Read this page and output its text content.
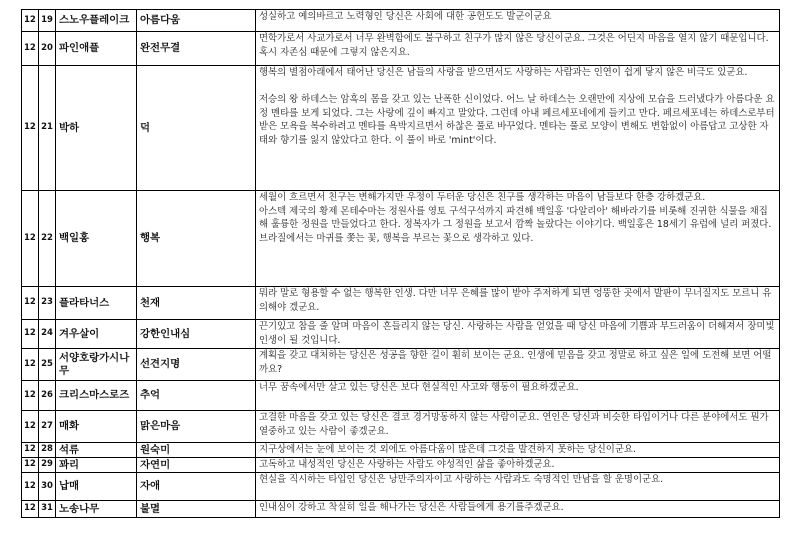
12	19	스노우플레이크	아름다움	성실하고 예의바르고 노력형인 당신은 사회에 대한 공헌도도 발군이군요
12	20	파인애플	완전무결	면학가로서 사교가로서 너무 완벽함에도 불구하고 친구가 많지 않은 당신이군요. 그것은 어딘지 마음을 열지 않기 때문입니다. 혹시 자존심 때문에 그렇지 않은지요.
12	21	박하	덕	행복의 별점아래에서 태어난 당신은 남들의 사랑을 받으면서도 사랑하는 사람과는 인연이 쉽게 닿지 않은 비극도 있군요.

저승의 왕 하데스는 암흑의 몸을 갖고 있는 난폭한 신이었다. 어느 날 하데스는 오랜만에 지상에 모습을 드러냈다가 아름다운 요정 멘타를 보게 되었다. 그는 사랑에 깊이 빠지고 말았다. 그런데 아내 페르세포네에게 들키고 만다. 페르세포네는 하데스로부터 받은 모욕을 복수하려고 멘타를 욕박지르면서 하찮은 풀로 바꾸었다. 멘타는 풀로 모양이 변해도 변함없이 아름답고 고상한 자태와 향기를 잃지 않았다고 한다. 이 풀이 바로 'mint'이다.
12	22	백일홍	행복	세월이 흐르면서 친구는 변해가지만 우정이 두터운 당신은 친구를 생각하는 마음이 남들보다 한층 강하겠군요.
아스텍 제국의 황제 몬테수마는 정원사를 영토 구석구석까지 파견해 백일홍 '다알리아' 해바라기를 비롯해 진귀한 식물을 채집해 훌륭한 정원을 만들었다고 한다. 정복자가 그 정원을 보고서 깜짝 놀랐다는 이야기다. 백일홍은 18세기 유럽에 널리 퍼졌다. 브라질에서는 마귀를 쫒는 꽃, 행복을 부르는 꽃으로 생각하고 있다.
12	23	플라타너스	천재	뭐라 말로 형용할 수 없는 행복한 인생. 다만 너무 은혜를 많이 받아 주저하게 되면 엉뚱한 곳에서 발판이 무너질지도 모르니 유의해야 겠군요.
12	24	겨우살이	강한인내심	끈기있고 참을 줄 알며 마음이 흔들리지 않는 당신. 사랑하는 사람을 얻었을 때 당신 마음에 기쁨과 부드러움이 더해져서 장미빛 인생이 될 것입니다.
12	25	서양호랑가시나무	선견지명	계획을 갖고 대처하는 당신은 성공을 향한 길이 훤히 보이는 군요. 인생에 믿음을 갖고 정말로 하고 싶은 일에 도전해 보면 어떨까요?
12	26	크리스마스로즈	추억	너무 꿈속에서만 살고 있는 당신은 보다 현실적인 사고와 행동이 필요하겠군요.
12	27	매화	맑은마음	고결한 마음을 갖고 있는 당신은 결코 경거망동하지 않는 사람이군요. 연인은 당신과 비슷한 타입이거나 다른 분야에서도 뭔가 열중하고 있는 사람이 좋겠군요.
12	28	석류	원숙미	지구상에서는 눈에 보이는 것 외에도 아름다움이 많은데 그것을 발견하지 못하는 당신이군요.
12	29	꽈리	자연미	고독하고 내성적인 당신은 사랑하는 사람도 야성적인 삶을 좋아하겠군요.
12	30	납매	자애	현실을 직시하는 타입인 당신은 낭만주의자이고 사랑하는 사람과도 숙명적인 만남을 할 운명이군요.
12	31	노송나무	불멸	인내심이 강하고 착실히 일을 해나가는 당신은 사람들에게 용기를주겠군요.
